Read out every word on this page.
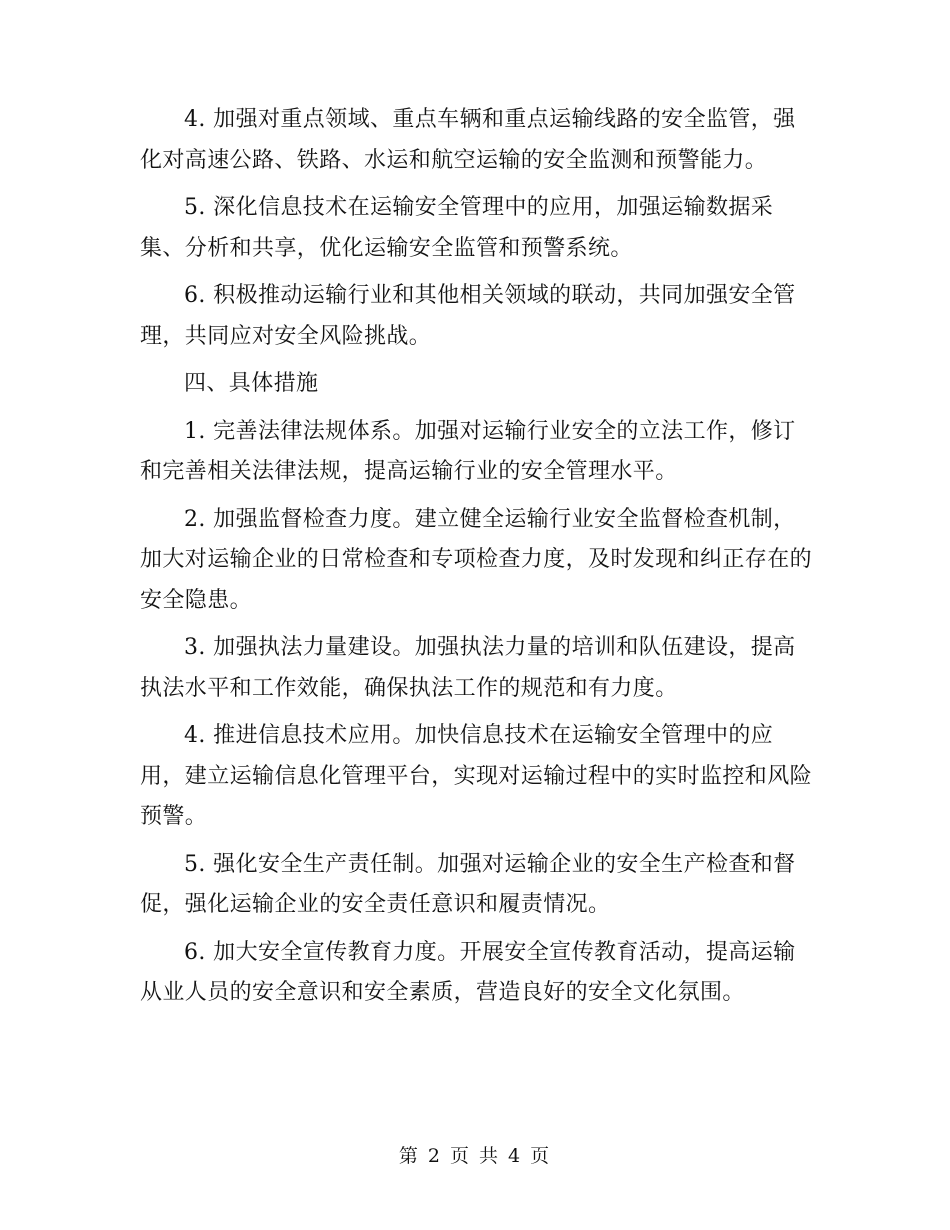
4. 加强对重点领域、重点车辆和重点运输线路的安全监管，强化对高速公路、铁路、水运和航空运输的安全监测和预警能力。

5. 深化信息技术在运输安全管理中的应用，加强运输数据采集、分析和共享，优化运输安全监管和预警系统。

6. 积极推动运输行业和其他相关领域的联动，共同加强安全管理，共同应对安全风险挑战。

四、具体措施

1. 完善法律法规体系。加强对运输行业安全的立法工作，修订和完善相关法律法规，提高运输行业的安全管理水平。

2. 加强监督检查力度。建立健全运输行业安全监督检查机制，加大对运输企业的日常检查和专项检查力度，及时发现和纠正存在的安全隐患。

3. 加强执法力量建设。加强执法力量的培训和队伍建设，提高执法水平和工作效能，确保执法工作的规范和有力度。

4. 推进信息技术应用。加快信息技术在运输安全管理中的应用，建立运输信息化管理平台，实现对运输过程中的实时监控和风险预警。

5. 强化安全生产责任制。加强对运输企业的安全生产检查和督促，强化运输企业的安全责任意识和履责情况。

6. 加大安全宣传教育力度。开展安全宣传教育活动，提高运输从业人员的安全意识和安全素质，营造良好的安全文化氛围。

第 2 页 共 4 页
